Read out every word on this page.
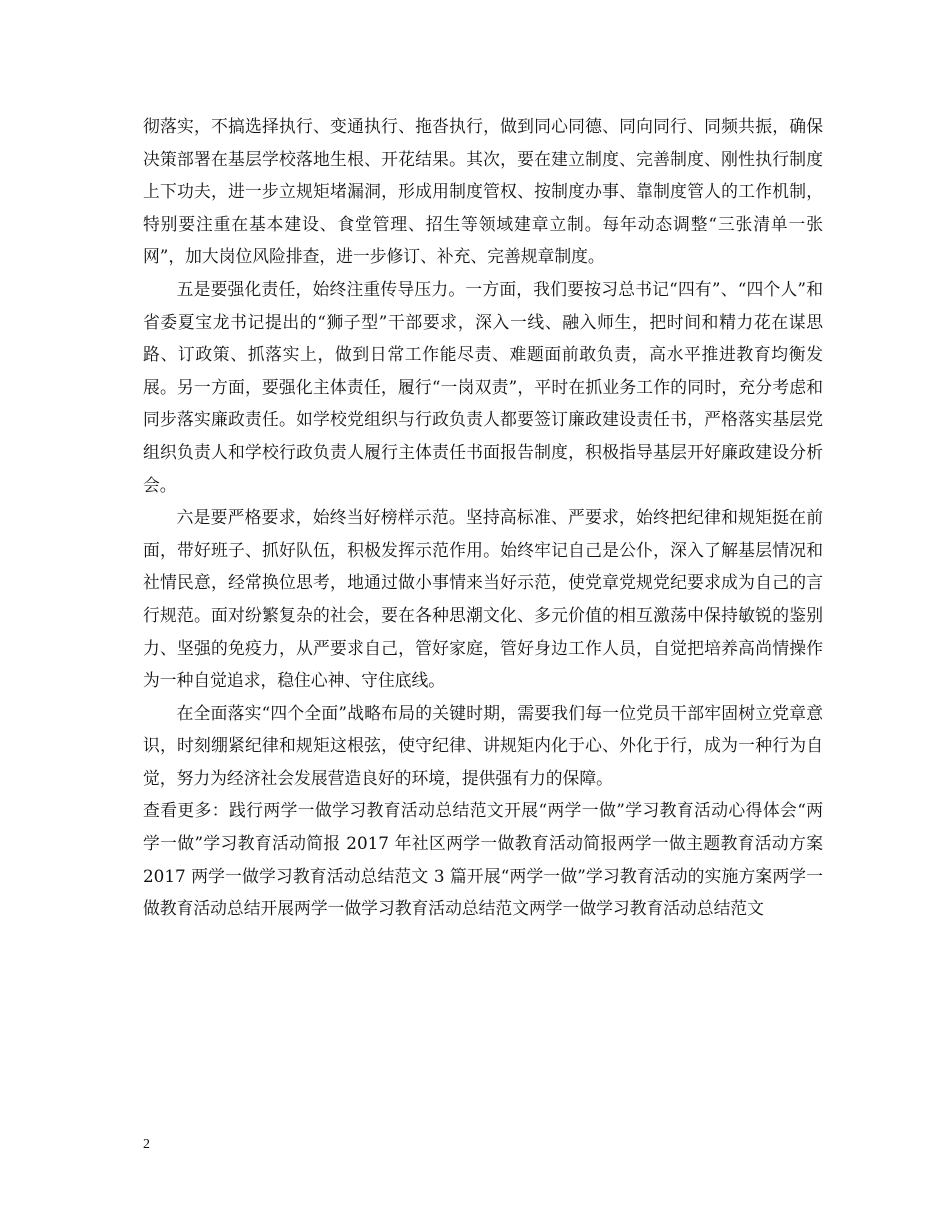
彻落实，不搞选择执行、变通执行、拖沓执行，做到同心同德、同向同行、同频共振，确保决策部署在基层学校落地生根、开花结果。其次，要在建立制度、完善制度、刚性执行制度上下功夫，进一步立规矩堵漏洞，形成用制度管权、按制度办事、靠制度管人的工作机制，特别要注重在基本建设、食堂管理、招生等领域建章立制。每年动态调整“三张清单一张网”，加大岗位风险排查，进一步修订、补充、完善规章制度。

五是要强化责任，始终注重传导压力。一方面，我们要按习总书记“四有”、“四个人”和省委夏宝龙书记提出的“狮子型”干部要求，深入一线、融入师生，把时间和精力花在谋思路、订政策、抓落实上，做到日常工作能尽责、难题面前敢负责，高水平推进教育均衡发展。另一方面，要强化主体责任，履行“一岗双责”，平时在抓业务工作的同时，充分考虑和同步落实廉政责任。如学校党组织与行政负责人都要签订廉政建设责任书，严格落实基层党组织负责人和学校行政负责人履行主体责任书面报告制度，积极指导基层开好廉政建设分析会。

六是要严格要求，始终当好榜样示范。坚持高标准、严要求，始终把纪律和规矩挺在前面，带好班子、抓好队伍，积极发挥示范作用。始终牢记自己是公仆，深入了解基层情况和社情民意，经常换位思考，地通过做小事情来当好示范，使党章党规党纪要求成为自己的言行规范。面对纷繁复杂的社会，要在各种思潮文化、多元价值的相互激荡中保持敏锐的鉴别力、坚强的免疫力，从严要求自己，管好家庭，管好身边工作人员，自觉把培养高尚情操作为一种自觉追求，稳住心神、守住底线。

在全面落实“四个全面”战略布局的关键时期，需要我们每一位党员干部牢固树立党章意识，时刻绷紧纪律和规矩这根弦，使守纪律、讲规矩内化于心、外化于行，成为一种行为自觉，努力为经济社会发展营造良好的环境，提供强有力的保障。

查看更多：践行两学一做学习教育活动总结范文开展“两学一做”学习教育活动心得体会“两学一做”学习教育活动简报 2017 年社区两学一做教育活动简报两学一做主题教育活动方案 2017 两学一做学习教育活动总结范文 3 篇开展“两学一做”学习教育活动的实施方案两学一做教育活动总结开展两学一做学习教育活动总结范文两学一做学习教育活动总结范文

2
